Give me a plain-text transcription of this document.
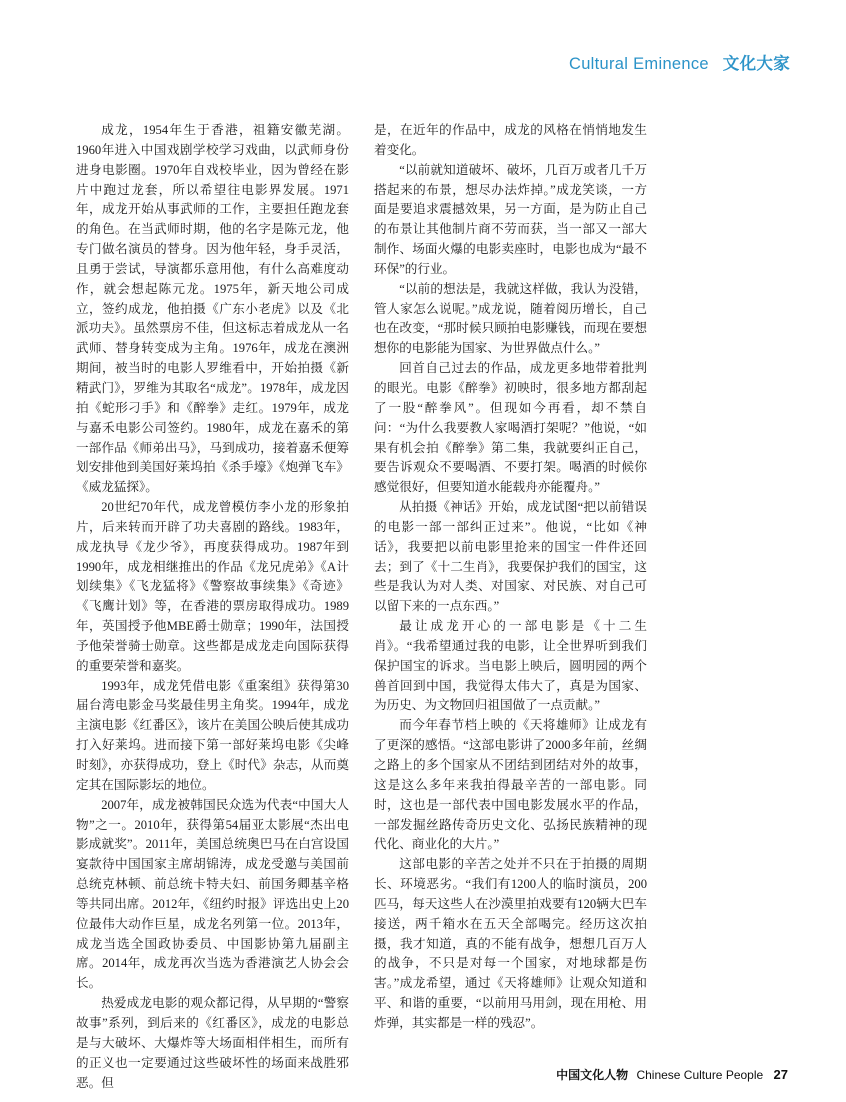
Cultural Eminence 文化大家

成龙，1954年生于香港，祖籍安徽芜湖。1960年进入中国戏剧学校学习戏曲，以武师身份进身电影圈。1970年自戏校毕业，因为曾经在影片中跑过龙套，所以希望往电影界发展。1971年，成龙开始从事武师的工作，主要担任跑龙套的角色。在当武师时期，他的名字是陈元龙，他专门做名演员的替身。因为他年轻，身手灵活，且勇于尝试，导演都乐意用他，有什么高难度动作，就会想起陈元龙。1975年，新天地公司成立，签约成龙，他拍摄《广东小老虎》以及《北派功夫》。虽然票房不佳，但这标志着成龙从一名武师、替身转变成为主角。1976年，成龙在澳洲期间，被当时的电影人罗维看中，开始拍摄《新精武门》，罗维为其取名“成龙”。1978年，成龙因拍《蛇形刁手》和《醉拳》走红。1979年，成龙与嘉禾电影公司签约。1980年，成龙在嘉禾的第一部作品《师弟出马》，马到成功，接着嘉禾便筹划安排他到美国好莱坞拍《杀手壕》《炮弹飞车》《威龙猛探》。

20世纪70年代，成龙曾模仿李小龙的形象拍片，后来转而开辟了功夫喜剧的路线。1983年，成龙执导《龙少爷》，再度获得成功。1987年到1990年，成龙相继推出的作品《龙兄虎弟》《A计划续集》《飞龙猛将》《警察故事续集》《奇迹》《飞鹰计划》等，在香港的票房取得成功。1989年，英国授予他MBE爵士勋章；1990年，法国授予他荣誉骑士勋章。这些都是成龙走向国际获得的重要荣誉和嘉奖。

1993年，成龙凭借电影《重案组》获得第30届台湾电影金马奖最佳男主角奖。1994年，成龙主演电影《红番区》，该片在美国公映后使其成功打入好莱坞。进而接下第一部好莱坞电影《尖峰时刻》，亦获得成功，登上《时代》杂志，从而奠定其在国际影坛的地位。

2007年，成龙被韩国民众选为代表“中国大人物”之一。2010年，获得第54届亚太影展“杰出电影成就奖”。2011年，美国总统奥巴马在白宫设国宴款待中国国家主席胡锦涛，成龙受邀与美国前总统克林顿、前总统卡特夫妇、前国务卿基辛格等共同出席。2012年，《纽约时报》评选出史上20位最伟大动作巨星，成龙名列第一位。2013年，成龙当选全国政协委员、中国影协第九届副主席。2014年，成龙再次当选为香港演艺人协会会长。

热爱成龙电影的观众都记得，从早期的“警察故事”系列，到后来的《红番区》，成龙的电影总是与大破坏、大爆炸等大场面相伴相生，而所有的正义也一定要通过这些破坏性的场面来战胜邪恶。但

是，在近年的作品中，成龙的风格在悄悄地发生着变化。

“以前就知道破坏、破坏，几百万或者几千万搭起来的布景，想尽办法炸掉。”成龙笑谈，一方面是要追求震撼效果，另一方面，是为防止自己的布景让其他制片商不劳而获，当一部又一部大制作、场面火爆的电影卖座时，电影也成为“最不环保”的行业。

“以前的想法是，我就这样做，我认为没错，管人家怎么说呢。”成龙说，随着阅历增长，自己也在改变，“那时候只顾拍电影赚钱，而现在要想想你的电影能为国家、为世界做点什么。”

回首自己过去的作品，成龙更多地带着批判的眼光。电影《醉拳》初映时，很多地方都刮起了一股“醉拳风”。但现如今再看，却不禁自问：“为什么我要教人家喝酒打架呢？”他说，“如果有机会拍《醉拳》第二集，我就要纠正自己，要告诉观众不要喝酒、不要打架。喝酒的时候你感觉很好，但要知道水能载舟亦能覆舟。”

从拍摄《神话》开始，成龙试图“把以前错误的电影一部一部纠正过来”。他说，“比如《神话》，我要把以前电影里抢来的国宝一件件还回去；到了《十二生肖》，我要保护我们的国宝，这些是我认为对人类、对国家、对民族、对自己可以留下来的一点东西。”

最让成龙开心的一部电影是《十二生肖》。“我希望通过我的电影，让全世界听到我们保护国宝的诉求。当电影上映后，圆明园的两个兽首回到中国，我觉得太伟大了，真是为国家、为历史、为文物回归祖国做了一点贡献。”

而今年春节档上映的《天将雄师》让成龙有了更深的感悟。“这部电影讲了2000多年前，丝绸之路上的多个国家从不团结到团结对外的故事，这是这么多年来我拍得最辛苦的一部电影。同时，这也是一部代表中国电影发展水平的作品，一部发掘丝路传奇历史文化、弘扬民族精神的现代化、商业化的大片。”

这部电影的辛苦之处并不只在于拍摄的周期长、环境恶劣。“我们有1200人的临时演员，200匹马，每天这些人在沙漠里拍戏要有120辆大巴车接送，两千箱水在五天全部喝完。经历这次拍摄，我才知道，真的不能有战争，想想几百万人的战争，不只是对每一个国家，对地球都是伤害。”成龙希望，通过《天将雄师》让观众知道和平、和谐的重要，“以前用马用剑，现在用枪、用炸弹，其实都是一样的残忍”。

中国文化人物 Chinese Culture People 27
